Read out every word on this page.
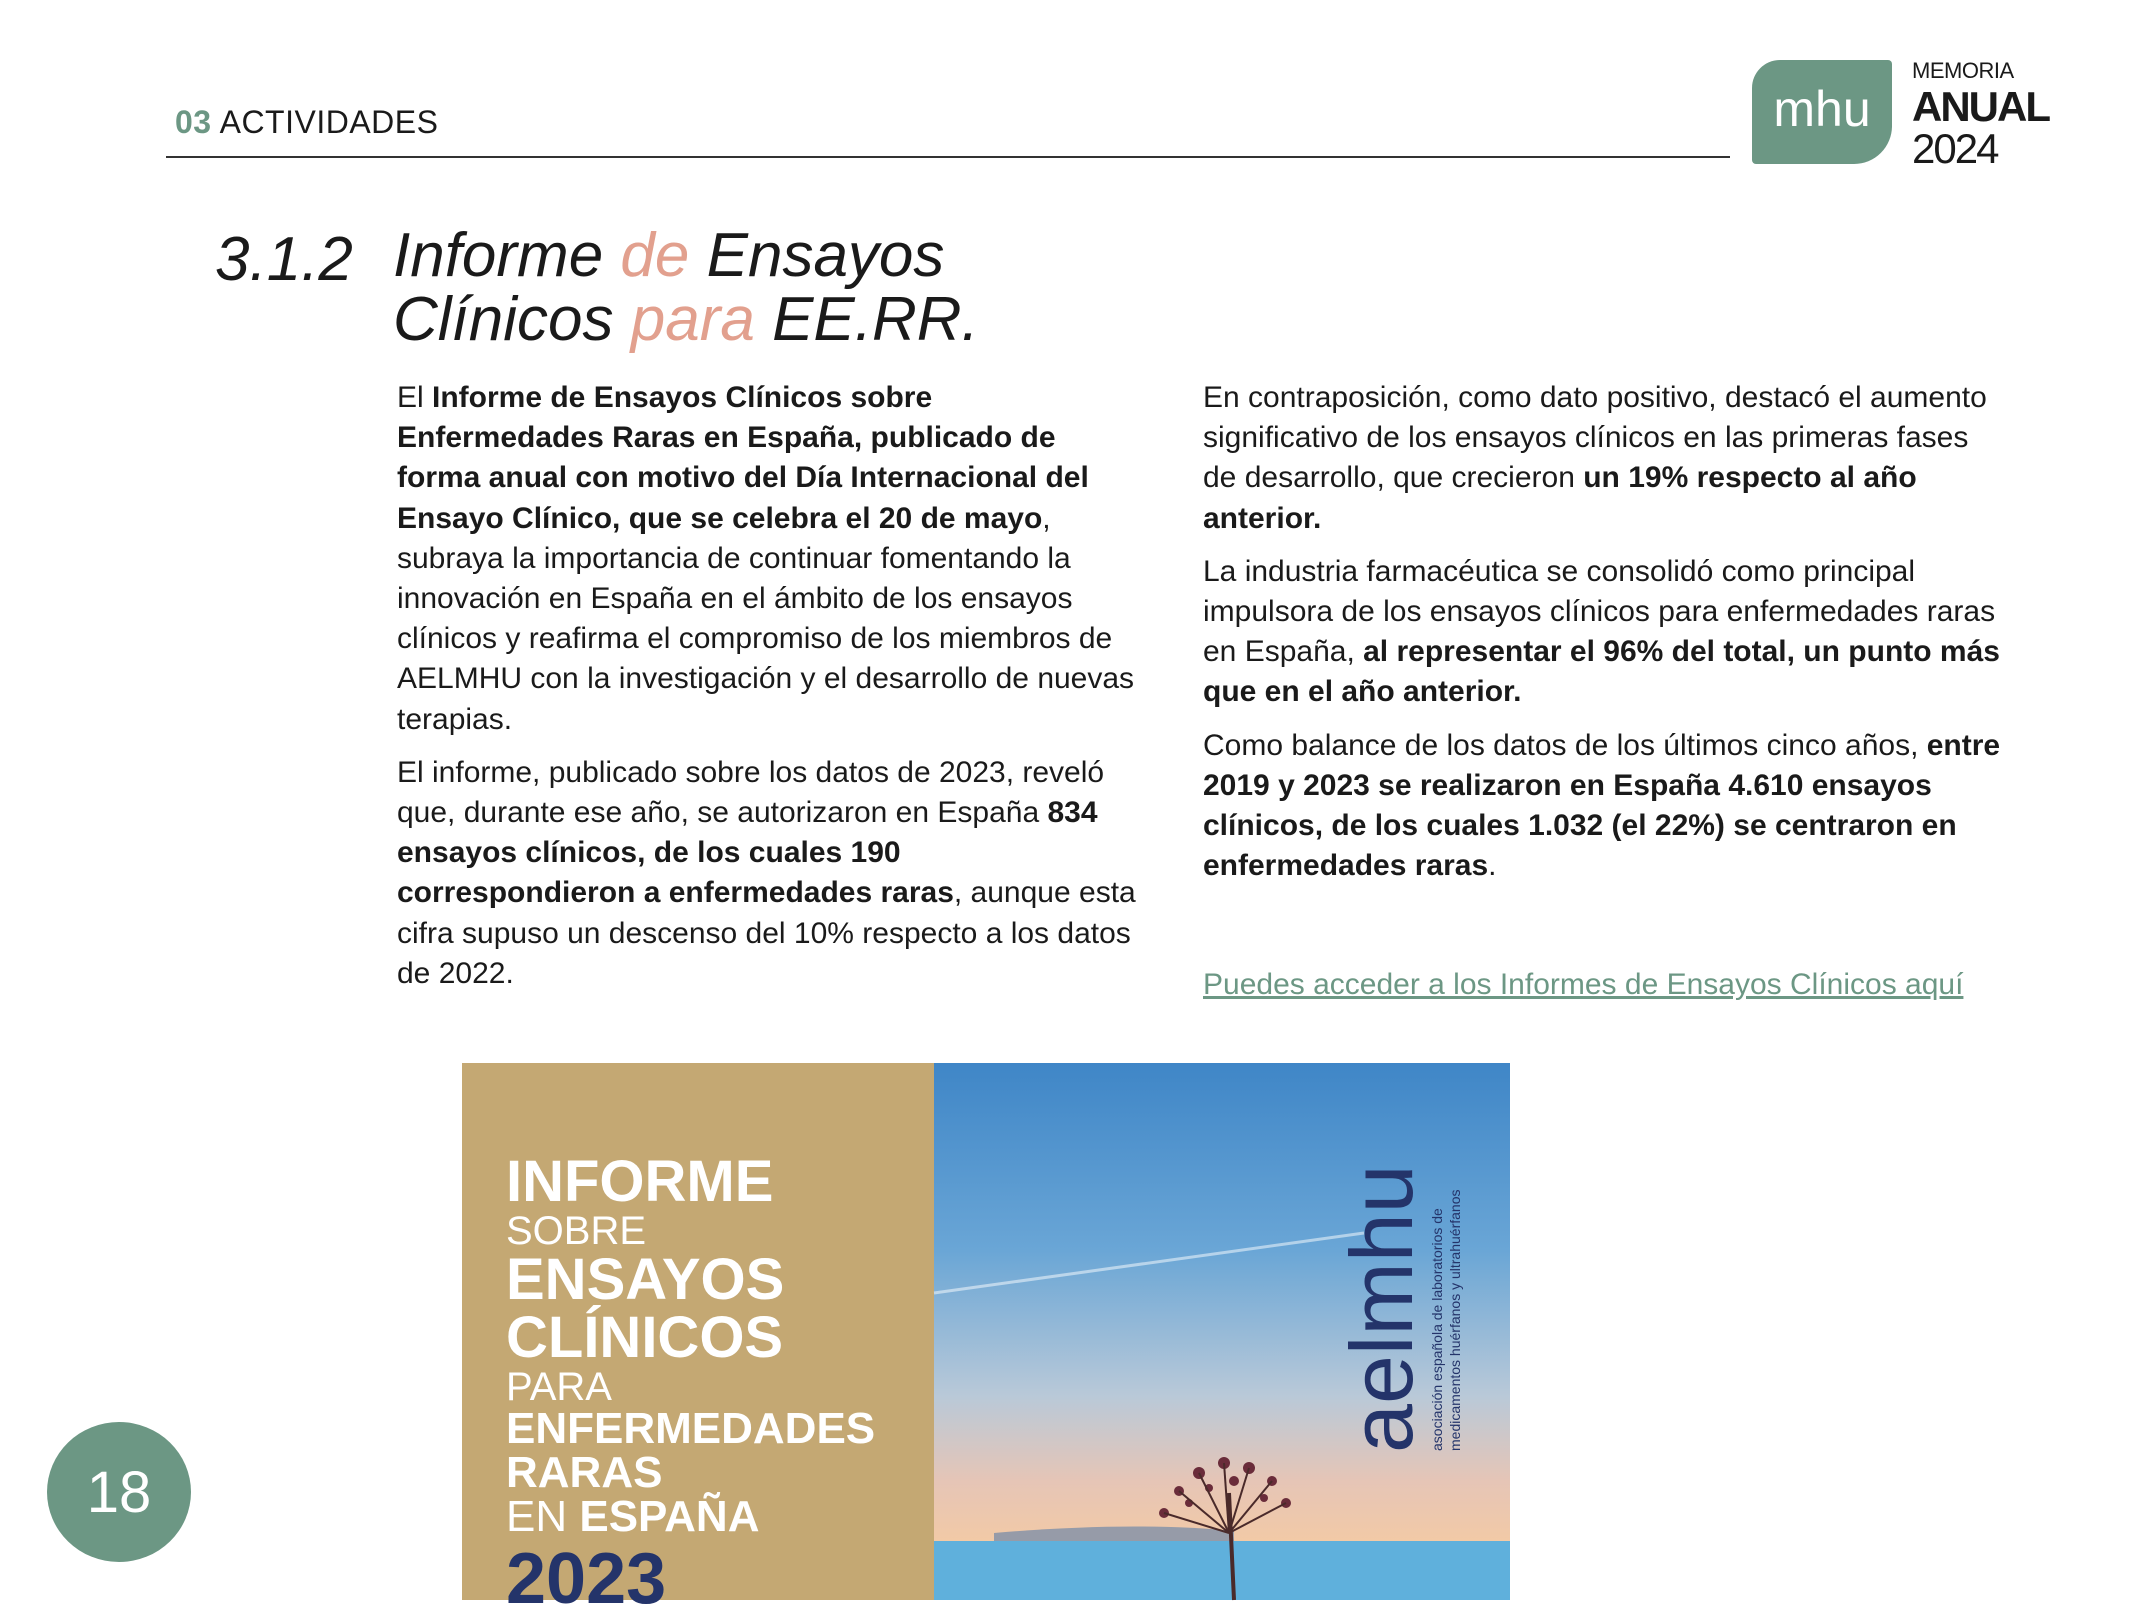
03 ACTIVIDADES	mhu
MEMORIA
ANUAL
2024
3.1.2 Informe de Ensayos
Clínicos para EE.RR.

El Informe de Ensayos Clínicos sobre Enfermedades Raras en España, publicado de forma anual con motivo del Día Internacional del Ensayo Clínico, que se celebra el 20 de mayo, subraya la importancia de continuar fomentando la innovación en España en el ámbito de los ensayos clínicos y reafirma el compromiso de los miembros de AELMHU con la investigación y el desarrollo de nuevas terapias.

El informe, publicado sobre los datos de 2023, reveló que, durante ese año, se autorizaron en España 834 ensayos clínicos, de los cuales 190 correspondieron a enfermedades raras, aunque esta cifra supuso un descenso del 10% respecto a los datos de 2022.

En contraposición, como dato positivo, destacó el aumento significativo de los ensayos clínicos en las primeras fases de desarrollo, que crecieron un 19% respecto al año anterior.

La industria farmacéutica se consolidó como principal impulsora de los ensayos clínicos para enfermedades raras en España, al representar el 96% del total, un punto más que en el año anterior.

Como balance de los datos de los últimos cinco años, entre 2019 y 2023 se realizaron en España 4.610 ensayos clínicos, de los cuales 1.032 (el 22%) se centraron en enfermedades raras.

Puedes acceder a los Informes de Ensayos Clínicos aquí
INFORME
SOBRE
ENSAYOS
CLÍNICOS
PARA
ENFERMEDADES
RARAS
EN ESPAÑA
2023
aelmhu
asociación española de laboratorios de medicamentos huérfanos y ultrahuérfanos
18
